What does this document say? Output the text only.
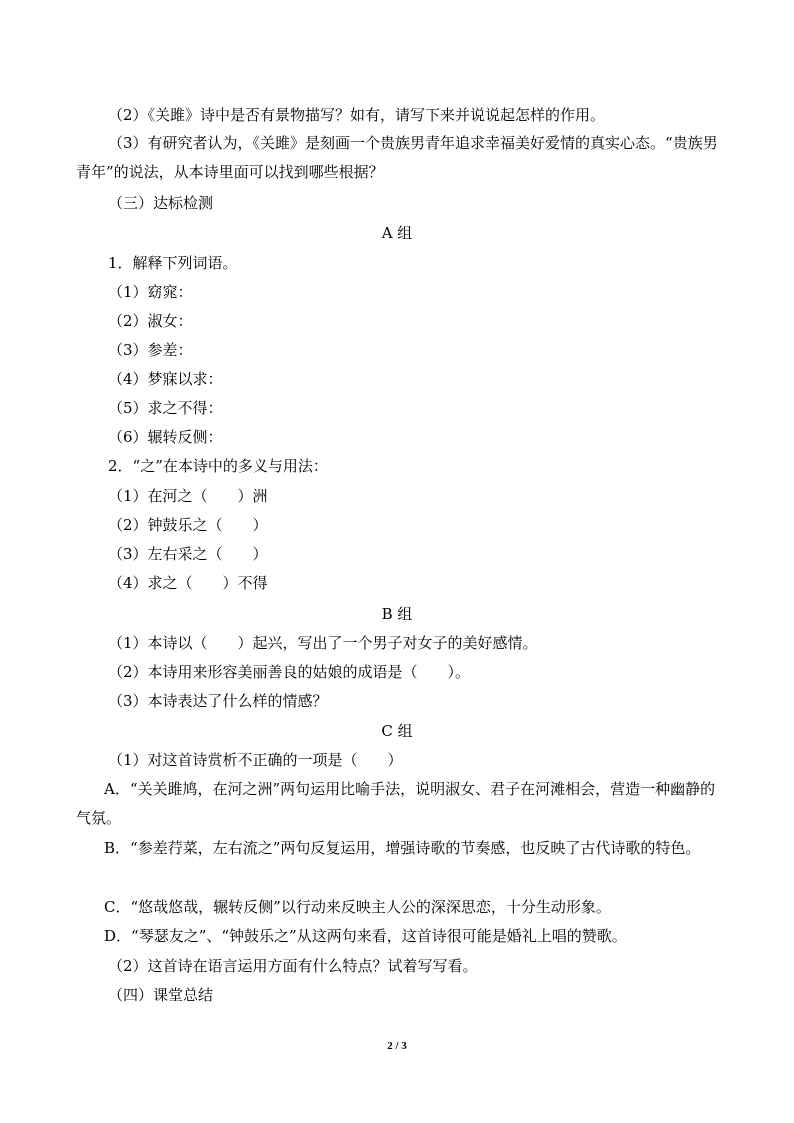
（2）《关雎》诗中是否有景物描写？如有，请写下来并说说起怎样的作用。
（3）有研究者认为，《关雎》是刻画一个贵族男青年追求幸福美好爱情的真实心态。“贵族男青年”的说法，从本诗里面可以找到哪些根据？
（三）达标检测
A 组
1．解释下列词语。
（1）窈窕：
（2）淑女：
（3）参差：
（4）梦寐以求：
（5）求之不得：
（6）辗转反侧：
2．“之”在本诗中的多义与用法：
（1）在河之（　　）洲
（2）钟鼓乐之（　　）
（3）左右采之（　　）
（4）求之（　　）不得
B 组
（1）本诗以（　　）起兴，写出了一个男子对女子的美好感情。
（2）本诗用来形容美丽善良的姑娘的成语是（　　）。
（3）本诗表达了什么样的情感？
C 组
（1）对这首诗赏析不正确的一项是（　　）
A．“关关雎鸠，在河之洲”两句运用比喻手法，说明淑女、君子在河滩相会，营造一种幽静的气氛。
B．“参差荇菜，左右流之”两句反复运用，增强诗歌的节奏感，也反映了古代诗歌的特色。
C．“悠哉悠哉，辗转反侧”以行动来反映主人公的深深思恋，十分生动形象。
D．“琴瑟友之”、“钟鼓乐之”从这两句来看，这首诗很可能是婚礼上唱的赞歌。
（2）这首诗在语言运用方面有什么特点？试着写写看。
（四）课堂总结
2 / 3
